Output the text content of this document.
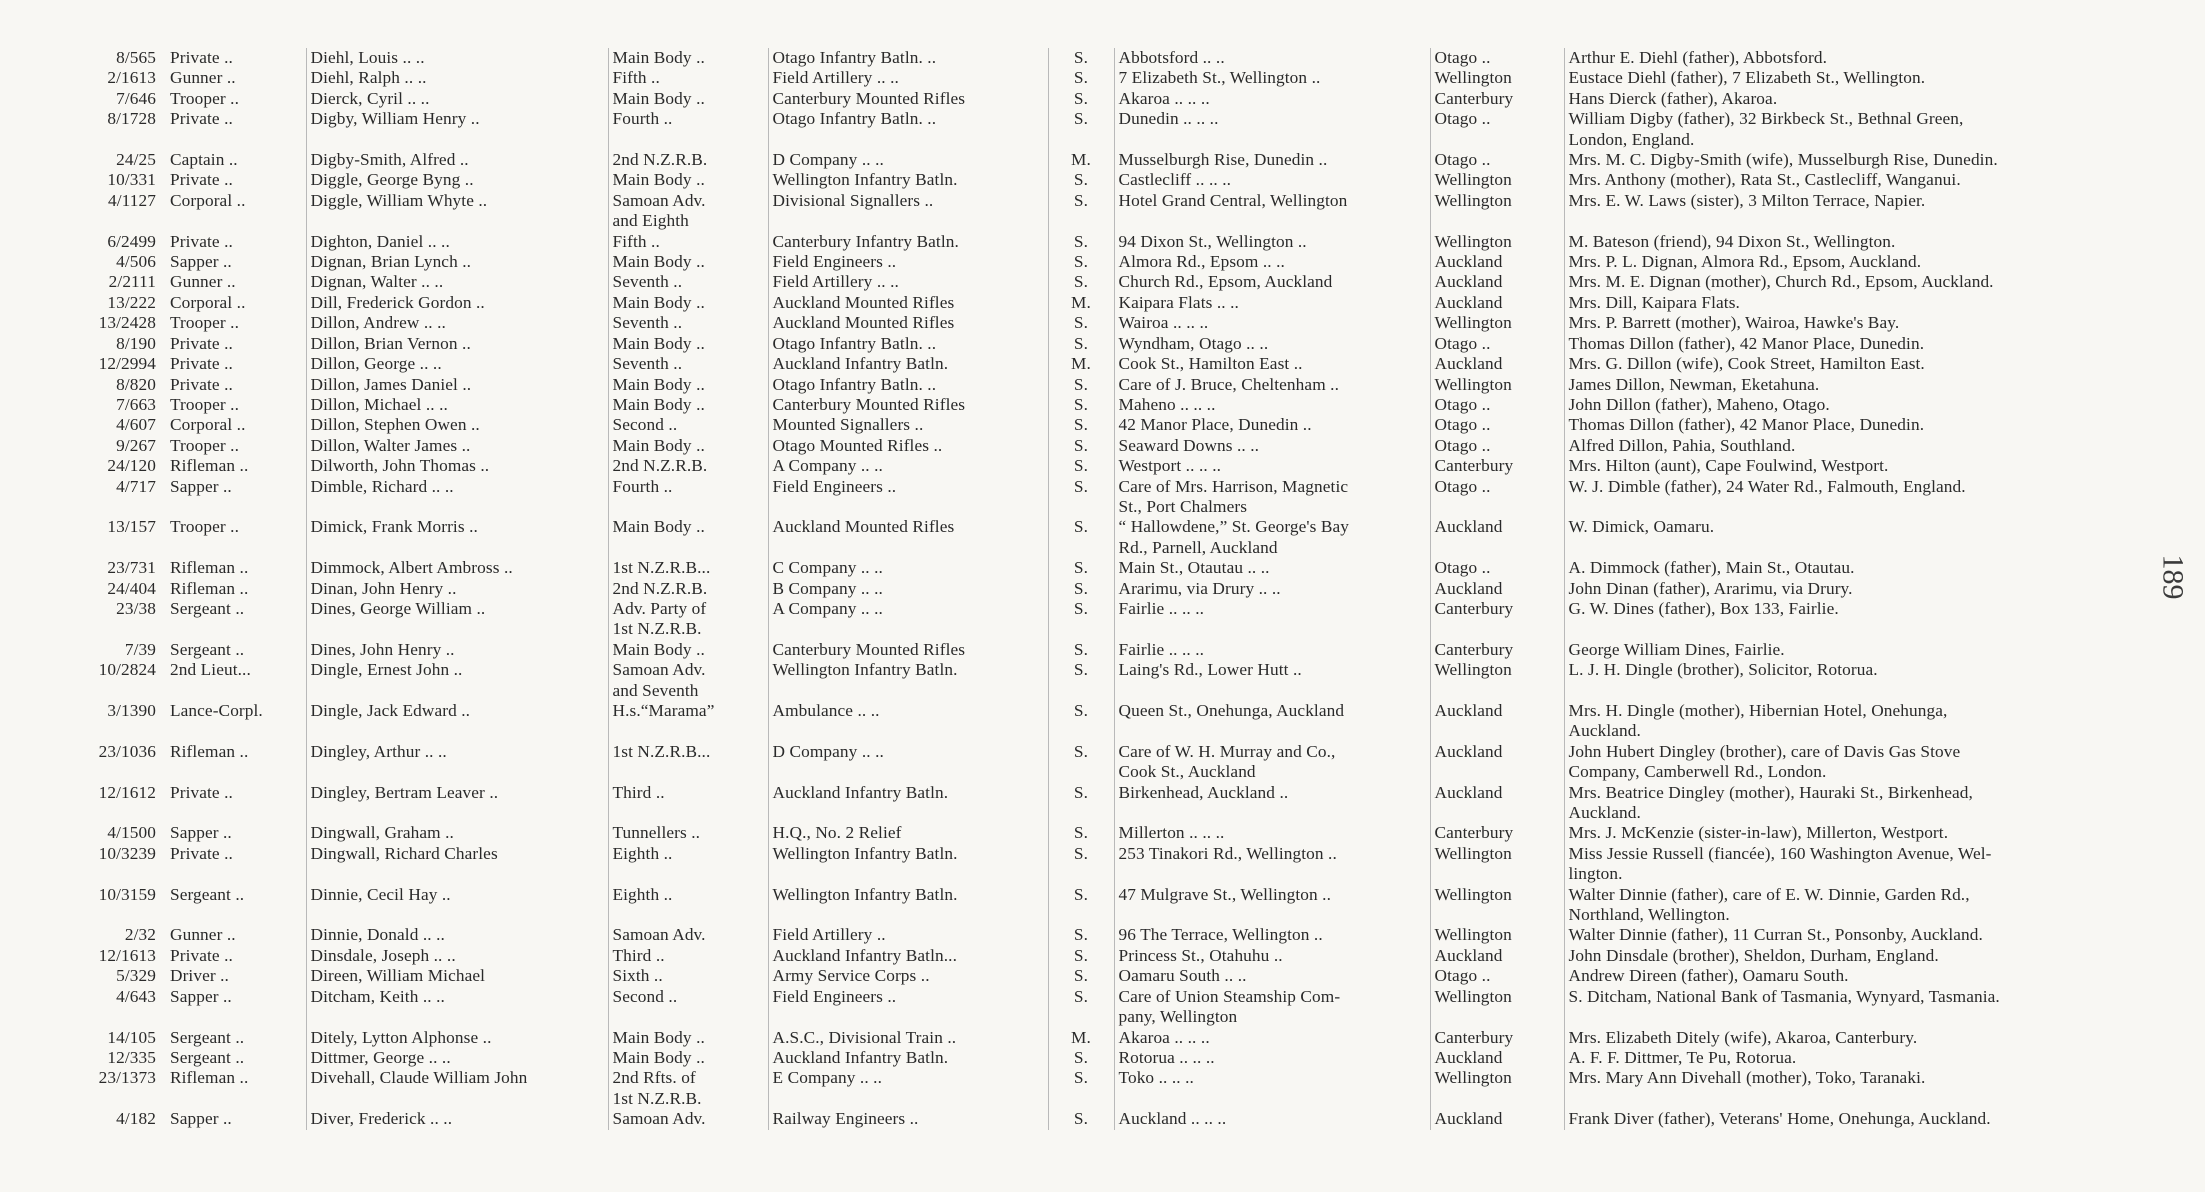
8/565	Private ..	Diehl, Louis .. ..	Main Body ..	Otago Infantry Batln. ..	S.	Abbotsford .. ..	Otago ..	Arthur E. Diehl (father), Abbotsford.
2/1613	Gunner ..	Diehl, Ralph .. ..	Fifth ..	Field Artillery .. ..	S.	7 Elizabeth St., Wellington ..	Wellington	Eustace Diehl (father), 7 Elizabeth St., Wellington.
7/646	Trooper ..	Dierck, Cyril .. ..	Main Body ..	Canterbury Mounted Rifles	S.	Akaroa .. .. ..	Canterbury	Hans Dierck (father), Akaroa.
8/1728	Private ..	Digby, William Henry ..	Fourth ..	Otago Infantry Batln. ..	S.	Dunedin .. .. ..	Otago ..	William Digby (father), 32 Birkbeck St., Bethnal Green,
								London, England.
24/25	Captain ..	Digby-Smith, Alfred ..	2nd N.Z.R.B.	D Company .. ..	M.	Musselburgh Rise, Dunedin ..	Otago ..	Mrs. M. C. Digby-Smith (wife), Musselburgh Rise, Dunedin.
10/331	Private ..	Diggle, George Byng ..	Main Body ..	Wellington Infantry Batln.	S.	Castlecliff .. .. ..	Wellington	Mrs. Anthony (mother), Rata St., Castlecliff, Wanganui.
4/1127	Corporal ..	Diggle, William Whyte ..	Samoan Adv.	Divisional Signallers ..	S.	Hotel Grand Central, Wellington	Wellington	Mrs. E. W. Laws (sister), 3 Milton Terrace, Napier.
			and Eighth					
6/2499	Private ..	Dighton, Daniel .. ..	Fifth ..	Canterbury Infantry Batln.	S.	94 Dixon St., Wellington ..	Wellington	M. Bateson (friend), 94 Dixon St., Wellington.
4/506	Sapper ..	Dignan, Brian Lynch ..	Main Body ..	Field Engineers ..	S.	Almora Rd., Epsom .. ..	Auckland	Mrs. P. L. Dignan, Almora Rd., Epsom, Auckland.
2/2111	Gunner ..	Dignan, Walter .. ..	Seventh ..	Field Artillery .. ..	S.	Church Rd., Epsom, Auckland	Auckland	Mrs. M. E. Dignan (mother), Church Rd., Epsom, Auckland.
13/222	Corporal ..	Dill, Frederick Gordon ..	Main Body ..	Auckland Mounted Rifles	M.	Kaipara Flats .. ..	Auckland	Mrs. Dill, Kaipara Flats.
13/2428	Trooper ..	Dillon, Andrew .. ..	Seventh ..	Auckland Mounted Rifles	S.	Wairoa .. .. ..	Wellington	Mrs. P. Barrett (mother), Wairoa, Hawke's Bay.
8/190	Private ..	Dillon, Brian Vernon ..	Main Body ..	Otago Infantry Batln. ..	S.	Wyndham, Otago .. ..	Otago ..	Thomas Dillon (father), 42 Manor Place, Dunedin.
12/2994	Private ..	Dillon, George .. ..	Seventh ..	Auckland Infantry Batln.	M.	Cook St., Hamilton East ..	Auckland	Mrs. G. Dillon (wife), Cook Street, Hamilton East.
8/820	Private ..	Dillon, James Daniel ..	Main Body ..	Otago Infantry Batln. ..	S.	Care of J. Bruce, Cheltenham ..	Wellington	James Dillon, Newman, Eketahuna.
7/663	Trooper ..	Dillon, Michael .. ..	Main Body ..	Canterbury Mounted Rifles	S.	Maheno .. .. ..	Otago ..	John Dillon (father), Maheno, Otago.
4/607	Corporal ..	Dillon, Stephen Owen ..	Second ..	Mounted Signallers ..	S.	42 Manor Place, Dunedin ..	Otago ..	Thomas Dillon (father), 42 Manor Place, Dunedin.
9/267	Trooper ..	Dillon, Walter James ..	Main Body ..	Otago Mounted Rifles ..	S.	Seaward Downs .. ..	Otago ..	Alfred Dillon, Pahia, Southland.
24/120	Rifleman ..	Dilworth, John Thomas ..	2nd N.Z.R.B.	A Company .. ..	S.	Westport .. .. ..	Canterbury	Mrs. Hilton (aunt), Cape Foulwind, Westport.
4/717	Sapper ..	Dimble, Richard .. ..	Fourth ..	Field Engineers ..	S.	Care of Mrs. Harrison, Magnetic	Otago ..	W. J. Dimble (father), 24 Water Rd., Falmouth, England.
						St., Port Chalmers		
13/157	Trooper ..	Dimick, Frank Morris ..	Main Body ..	Auckland Mounted Rifles	S.	“ Hallowdene,” St. George's Bay	Auckland	W. Dimick, Oamaru.
						Rd., Parnell, Auckland		
23/731	Rifleman ..	Dimmock, Albert Ambross ..	1st N.Z.R.B...	C Company .. ..	S.	Main St., Otautau .. ..	Otago ..	A. Dimmock (father), Main St., Otautau.
24/404	Rifleman ..	Dinan, John Henry ..	2nd N.Z.R.B.	B Company .. ..	S.	Ararimu, via Drury .. ..	Auckland	John Dinan (father), Ararimu, via Drury.
23/38	Sergeant ..	Dines, George William ..	Adv. Party of	A Company .. ..	S.	Fairlie .. .. ..	Canterbury	G. W. Dines (father), Box 133, Fairlie.
			1st N.Z.R.B.					
7/39	Sergeant ..	Dines, John Henry ..	Main Body ..	Canterbury Mounted Rifles	S.	Fairlie .. .. ..	Canterbury	George William Dines, Fairlie.
10/2824	2nd Lieut...	Dingle, Ernest John ..	Samoan Adv.	Wellington Infantry Batln.	S.	Laing's Rd., Lower Hutt ..	Wellington	L. J. H. Dingle (brother), Solicitor, Rotorua.
			and Seventh					
3/1390	Lance-Corpl.	Dingle, Jack Edward ..	H.s.“Marama”	Ambulance .. ..	S.	Queen St., Onehunga, Auckland	Auckland	Mrs. H. Dingle (mother), Hibernian Hotel, Onehunga,
								Auckland.
23/1036	Rifleman ..	Dingley, Arthur .. ..	1st N.Z.R.B...	D Company .. ..	S.	Care of W. H. Murray and Co.,	Auckland	John Hubert Dingley (brother), care of Davis Gas Stove
						Cook St., Auckland		Company, Camberwell Rd., London.
12/1612	Private ..	Dingley, Bertram Leaver ..	Third ..	Auckland Infantry Batln.	S.	Birkenhead, Auckland ..	Auckland	Mrs. Beatrice Dingley (mother), Hauraki St., Birkenhead,
								Auckland.
4/1500	Sapper ..	Dingwall, Graham ..	Tunnellers ..	H.Q., No. 2 Relief	S.	Millerton .. .. ..	Canterbury	Mrs. J. McKenzie (sister-in-law), Millerton, Westport.
10/3239	Private ..	Dingwall, Richard Charles	Eighth ..	Wellington Infantry Batln.	S.	253 Tinakori Rd., Wellington ..	Wellington	Miss Jessie Russell (fiancée), 160 Washington Avenue, Wel-
								lington.
10/3159	Sergeant ..	Dinnie, Cecil Hay ..	Eighth ..	Wellington Infantry Batln.	S.	47 Mulgrave St., Wellington ..	Wellington	Walter Dinnie (father), care of E. W. Dinnie, Garden Rd.,
								Northland, Wellington.
2/32	Gunner ..	Dinnie, Donald .. ..	Samoan Adv.	Field Artillery ..	S.	96 The Terrace, Wellington ..	Wellington	Walter Dinnie (father), 11 Curran St., Ponsonby, Auckland.
12/1613	Private ..	Dinsdale, Joseph .. ..	Third ..	Auckland Infantry Batln...	S.	Princess St., Otahuhu ..	Auckland	John Dinsdale (brother), Sheldon, Durham, England.
5/329	Driver ..	Direen, William Michael	Sixth ..	Army Service Corps ..	S.	Oamaru South .. ..	Otago ..	Andrew Direen (father), Oamaru South.
4/643	Sapper ..	Ditcham, Keith .. ..	Second ..	Field Engineers ..	S.	Care of Union Steamship Com-	Wellington	S. Ditcham, National Bank of Tasmania, Wynyard, Tasmania.
						pany, Wellington		
14/105	Sergeant ..	Ditely, Lytton Alphonse ..	Main Body ..	A.S.C., Divisional Train ..	M.	Akaroa .. .. ..	Canterbury	Mrs. Elizabeth Ditely (wife), Akaroa, Canterbury.
12/335	Sergeant ..	Dittmer, George .. ..	Main Body ..	Auckland Infantry Batln.	S.	Rotorua .. .. ..	Auckland	A. F. F. Dittmer, Te Pu, Rotorua.
23/1373	Rifleman ..	Divehall, Claude William John	2nd Rfts. of	E Company .. ..	S.	Toko .. .. ..	Wellington	Mrs. Mary Ann Divehall (mother), Toko, Taranaki.
			1st N.Z.R.B.					
4/182	Sapper ..	Diver, Frederick .. ..	Samoan Adv.	Railway Engineers ..	S.	Auckland .. .. ..	Auckland	Frank Diver (father), Veterans' Home, Onehunga, Auckland.
189
